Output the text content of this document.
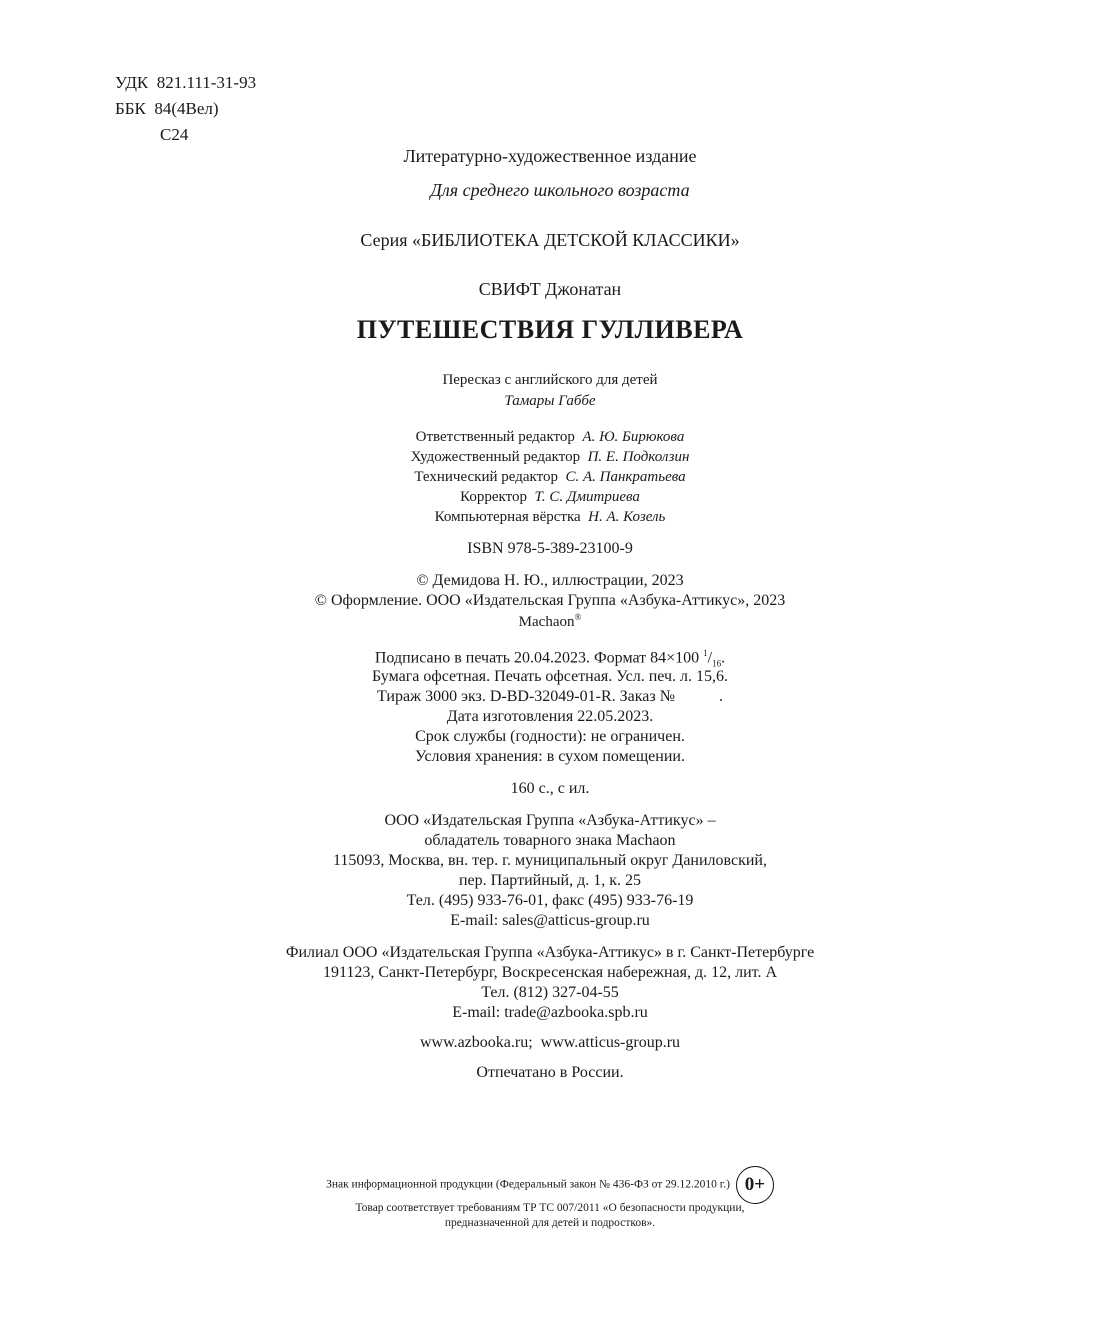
УДК 821.111-31-93
ББК 84(4Вел)
С24
Литературно-художественное издание
Для среднего школьного возраста
Серия «БИБЛИОТЕКА ДЕТСКОЙ КЛАССИКИ»
СВИФТ Джонатан
ПУТЕШЕСТВИЯ ГУЛЛИВЕРА
Пересказ с английского для детей
Тамары Габбе
Ответственный редактор А. Ю. Бирюкова
Художественный редактор П. Е. Подколзин
Технический редактор С. А. Панкратьева
Корректор Т. С. Дмитриева
Компьютерная вёрстка Н. А. Козель
ISBN 978-5-389-23100-9
© Демидова Н. Ю., иллюстрации, 2023
© Оформление. ООО «Издательская Группа «Азбука-Аттикус», 2023
Machaon®
Подписано в печать 20.04.2023. Формат 84×100 $^1/_{16}$.
Бумага офсетная. Печать офсетная. Усл. печ. л. 15,6.
Тираж 3000 экз. D-BD-32049-01-R. Заказ №           .
Дата изготовления 22.05.2023.
Срок службы (годности): не ограничен.
Условия хранения: в сухом помещении.
160 с., с ил.
ООО «Издательская Группа «Азбука-Аттикус» –
обладатель товарного знака Machaon
115093, Москва, вн. тер. г. муниципальный округ Даниловский,
пер. Партийный, д. 1, к. 25
Тел. (495) 933-76-01, факс (495) 933-76-19
E-mail: sales@atticus-group.ru
Филиал ООО «Издательская Группа «Азбука-Аттикус» в г. Санкт-Петербурге
191123, Санкт-Петербург, Воскресенская набережная, д. 12, лит. А
Тел. (812) 327-04-55
E-mail: trade@azbooka.spb.ru
www.azbooka.ru;  www.atticus-group.ru
Отпечатано в России.
Знак информационной продукции (Федеральный закон № 436-ФЗ от 29.12.2010 г.) 0+
Товар соответствует требованиям ТР ТС 007/2011 «О безопасности продукции,
предназначенной для детей и подростков».
